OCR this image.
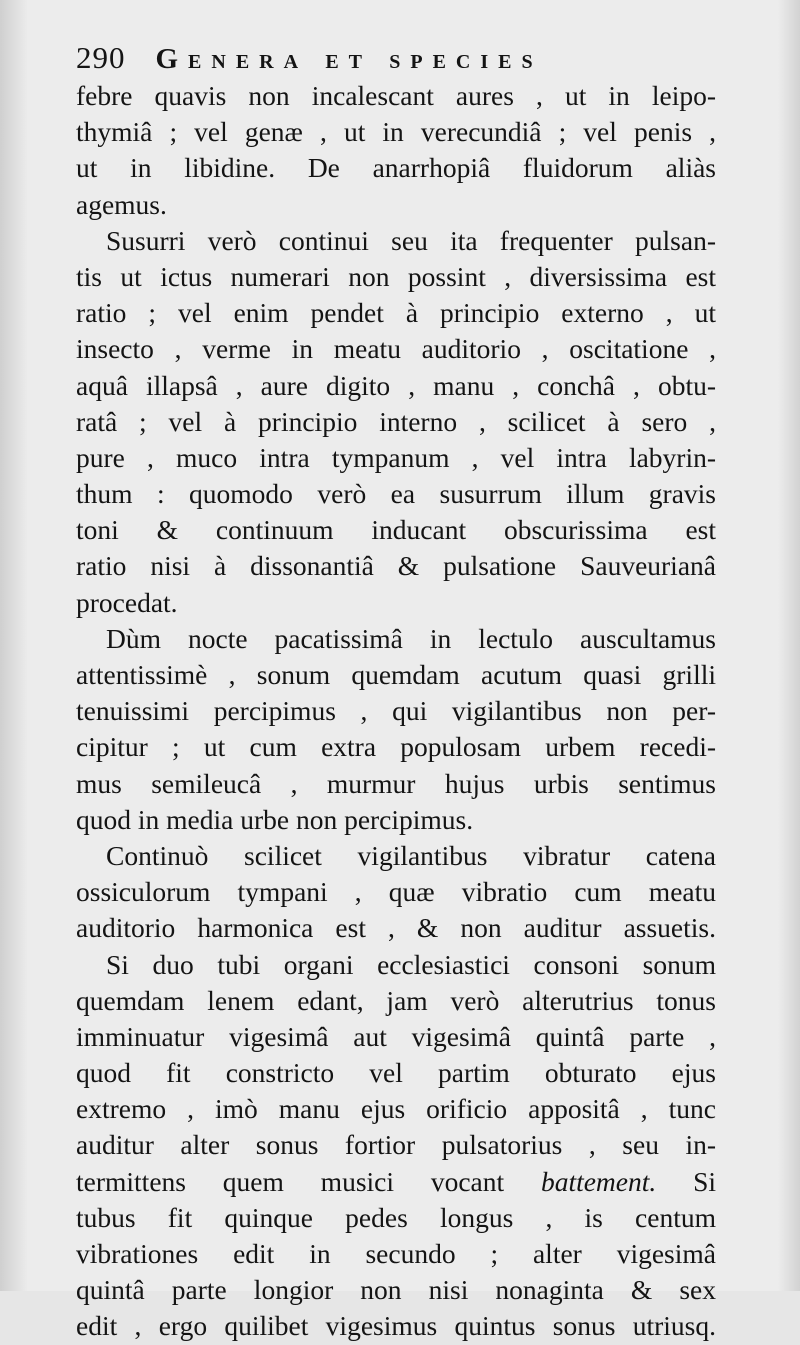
290 Genera et species
febre quavis non incalescant aures , ut in leipo-
thymiâ ; vel genæ , ut in verecundiâ ; vel penis ,
ut in libidine. De anarrhopiâ fluidorum aliàs
agemus.
Susurri verò continui seu ita frequenter pulsan-
tis ut ictus numerari non possint , diversissima est
ratio ; vel enim pendet à principio externo , ut
insecto , verme in meatu auditorio , oscitatione ,
aquâ illapsâ , aure digito , manu , conchâ , obtu-
ratâ ; vel à principio interno , scilicet à sero ,
pure , muco intra tympanum , vel intra labyrin-
thum : quomodo verò ea susurrum illum gravis
toni & continuum inducant obscurissima est
ratio nisi à dissonantiâ & pulsatione Sauveurianâ
procedat.
Dùm nocte pacatissimâ in lectulo auscultamus
attentissimè , sonum quemdam acutum quasi grilli
tenuissimi percipimus , qui vigilantibus non per-
cipitur ; ut cum extra populosam urbem recedi-
mus semileucâ , murmur hujus urbis sentimus
quod in media urbe non percipimus.
Continuò scilicet vigilantibus vibratur catena
ossiculorum tympani , quæ vibratio cum meatu
auditorio harmonica est , & non auditur assuetis.
Si duo tubi organi ecclesiastici consoni sonum
quemdam lenem edant, jam verò alterutrius tonus
imminuatur vigesimâ aut vigesimâ quintâ parte ,
quod fit constricto vel partim obturato ejus
extremo , imò manu ejus orificio appositâ , tunc
auditur alter sonus fortior pulsatorius , seu in-
termittens quem musici vocant battement. Si
tubus fit quinque pedes longus , is centum
vibrationes edit in secundo ; alter vigesimâ
quintâ parte longior non nisi nonaginta & sex
edit , ergo quilibet vigesimus quintus sonus utriusq.
